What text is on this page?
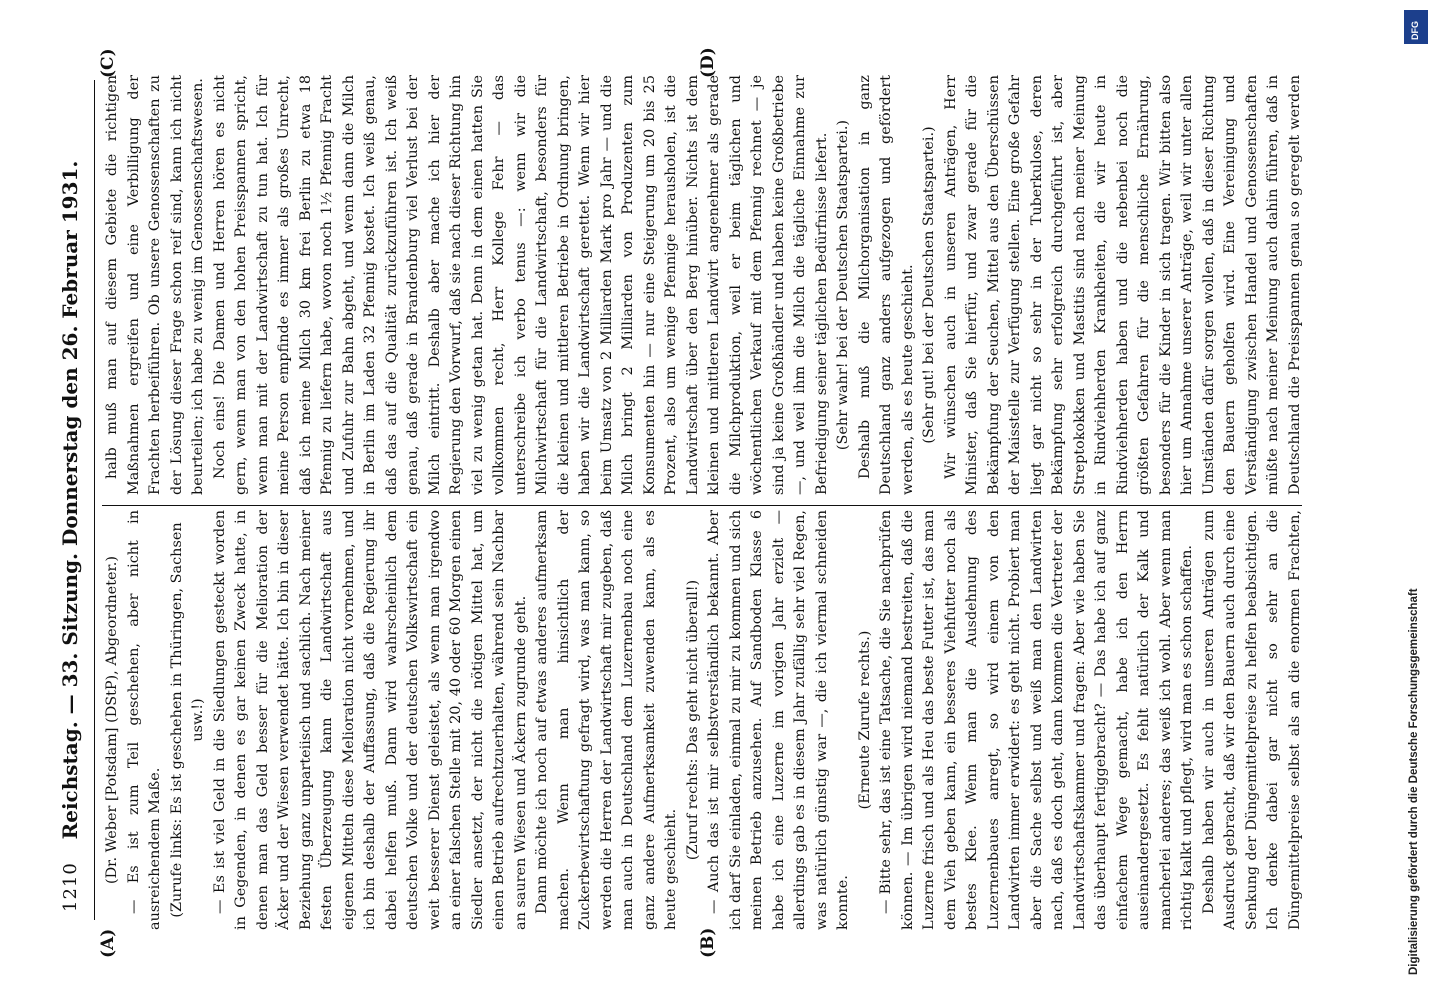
1210
Reichstag. — 33. Sitzung. Donnerstag den 26. Februar 1931. (Dr. Weber [Potsdam] (DStP), Abgeordneter.) — Es ist zum Teil geschehen, aber nicht in ausreichendem Maße. (Zurufe links: Es ist geschehen in Thüringen, Sachsen usw.!) — Es ist viel Geld in die Siedlungen gesteckt worden in Gegenden, in denen es gar keinen Zweck hatte, in denen man das Geld besser für die Melioration der Äcker und der Wiesen verwendet hätte. Ich bin in dieser Beziehung ganz unparteiisch und sachlich. Nach meiner festen Überzeugung kann die Landwirtschaft aus eigenen Mitteln diese Melioration nicht vornehmen, und ich bin deshalb der Auffassung, daß die Regierung ihr dabei helfen muß. Dann wird wahrscheinlich dem deutschen Volke und der deutschen Volkswirtschaft ein weit besserer Dienst geleistet, als wenn man irgendwo an einer falschen Stelle mit 20, 40 oder 60 Morgen einen Siedler ansetzt, der nicht die nötigen Mittel hat, um einen Betrieb aufrechtzuerhalten, während sein Nachbar an sauren Wiesen und Äckern zugrunde geht. Dann möchte ich noch auf etwas anderes aufmerksam machen. Wenn man hinsichtlich der Zuckerbewirtschaftung gefragt wird, was man kann, so werden die Herren der Landwirtschaft mir zugeben, daß man auch in Deutschland dem Luzernenbau noch eine ganz andere Aufmerksamkeit zuwenden kann, als es heute geschieht.

(Zuruf rechts: Das geht nicht überall!) — Auch das ist mir selbstverständlich bekannt. Aber ich darf Sie einladen, einmal zu mir zu kommen und sich meinen Betrieb anzusehen. Auf Sandboden Klasse 6 habe ich eine Luzerne im vorigen Jahr erzielt — allerdings gab es in diesem Jahr zufällig sehr viel Regen, was natürlich günstig war —, die ich viermal schneiden konnte.

(Erneute Zurufe rechts.) — Bitte sehr, das ist eine Tatsache, die Sie nachprüfen können. — Im übrigen wird niemand bestreiten, daß die Luzerne frisch und als Heu das beste Futter ist, das man dem Vieh geben kann, ein besseres Viehfutter noch als bestes Klee. Wenn man die Ausdehnung des Luzernenbaues anregt, so wird einem von den Landwirten immer erwidert: es geht nicht. Probiert man aber die Sache selbst und weiß man den Landwirten nach, daß es doch geht, dann kommen die Vertreter der Landwirtschaftskammer und fragen: Aber wie haben Sie das überhaupt fertiggebracht? — Das habe ich auf ganz einfachem Wege gemacht, habe ich den Herrn auseinandergesetzt. Es fehlt natürlich der Kalk und mancherlei anderes; das weiß ich wohl. Aber wenn man richtig kalkt und pflegt, wird man es schon schaffen. Deshalb haben wir auch in unseren Anträgen zum Ausdruck gebracht, daß wir den Bauern auch durch eine Senkung der Düngemittelpreise zu helfen beabsichtigen. Ich denke dabei gar nicht so sehr an die Düngemittelpreise selbst als an die enormen Frachten,

halb muß man auf diesem Gebiete die richtigen Maßnahmen ergreifen und eine Verbilligung der Frachten herbeiführen. Ob unsere Genossenschaften zu der Lösung dieser Frage schon reif sind, kann ich nicht beurteilen; ich habe zu wenig im Genossenschaftswesen. Noch eins! Die Damen und Herren hören es nicht gern, wenn man von den hohen Preisspannen spricht, wenn man mit der Landwirtschaft zu tun hat. Ich für meine Person empfinde es immer als großes Unrecht, daß ich meine Milch 30 km frei Berlin zu etwa 18 Pfennig zu liefern habe, wovon noch 1½ Pfennig Fracht und Zufuhr zur Bahn abgeht, und wenn dann die Milch in Berlin im Laden 32 Pfennig kostet. Ich weiß genau, daß das auf die Qualität zurückzuführen ist. Ich weiß genau, daß gerade in Brandenburg viel Verlust bei der Milch eintritt. Deshalb aber mache ich hier der Regierung den Vorwurf, daß sie nach dieser Richtung hin viel zu wenig getan hat. Denn in dem einen hatten Sie vollkommen recht, Herr Kollege Fehr — das unterschreibe ich verbo tenus —: wenn wir die Milchwirtschaft für die Landwirtschaft, besonders für die kleinen und mittleren Betriebe in Ordnung bringen, haben wir die Landwirtschaft gerettet. Wenn wir hier beim Umsatz von 2 Milliarden Mark pro Jahr — und die Milch bringt 2 Milliarden von Produzenten zum Konsumenten hin — nur eine Steigerung um 20 bis 25 Prozent, also um wenige Pfennige herausholen, ist die Landwirtschaft über den Berg hinüber. Nichts ist dem kleinen und mittleren Landwirt angenehmer als gerade die Milchproduktion, weil er beim täglichen und wöchentlichen Verkauf mit dem Pfennig rechnet — je sind ja keine Großhändler und haben keine Großbetriebe —, und weil ihm die Milch die tägliche Einnahme zur Befriedigung seiner täglichen Bedürfnisse liefert. (Sehr wahr! bei der Deutschen Staatspartei.) Deshalb muß die Milchorganisation in ganz Deutschland ganz anders aufgezogen und gefördert werden, als es heute geschieht. (Sehr gut! bei der Deutschen Staatspartei.)

Wir wünschen auch in unseren Anträgen, Herr Minister, daß Sie hierfür, und zwar gerade für die Bekämpfung der Seuchen, Mittel aus den Überschüssen der Maisstelle zur Verfügung stellen. Eine große Gefahr liegt gar nicht so sehr in der Tuberkulose, deren Bekämpfung sehr erfolgreich durchgeführt ist, aber Streptokokken und Mastitis sind nach meiner Meinung in Rindviehherden Krankheiten, die wir heute in Rindviehherden haben und die nebenbei noch die größten Gefahren für die menschliche Ernährung, besonders für die Kinder in sich tragen. Wir bitten also hier um Annahme unserer Anträge, weil wir unter allen Umständen dafür sorgen wollen, daß in dieser Richtung den Bauern geholfen wird. Eine Vereinigung und Verständigung zwischen Handel und Genossenschaften müßte nach meiner Meinung auch dahin führen, daß in Deutschland die Preisspannen genau so geregelt werden

(A)	(B)
(C)	(D)
DFG
Digitalisierung gefördert durch die Deutsche Forschungsgemeinschaft
